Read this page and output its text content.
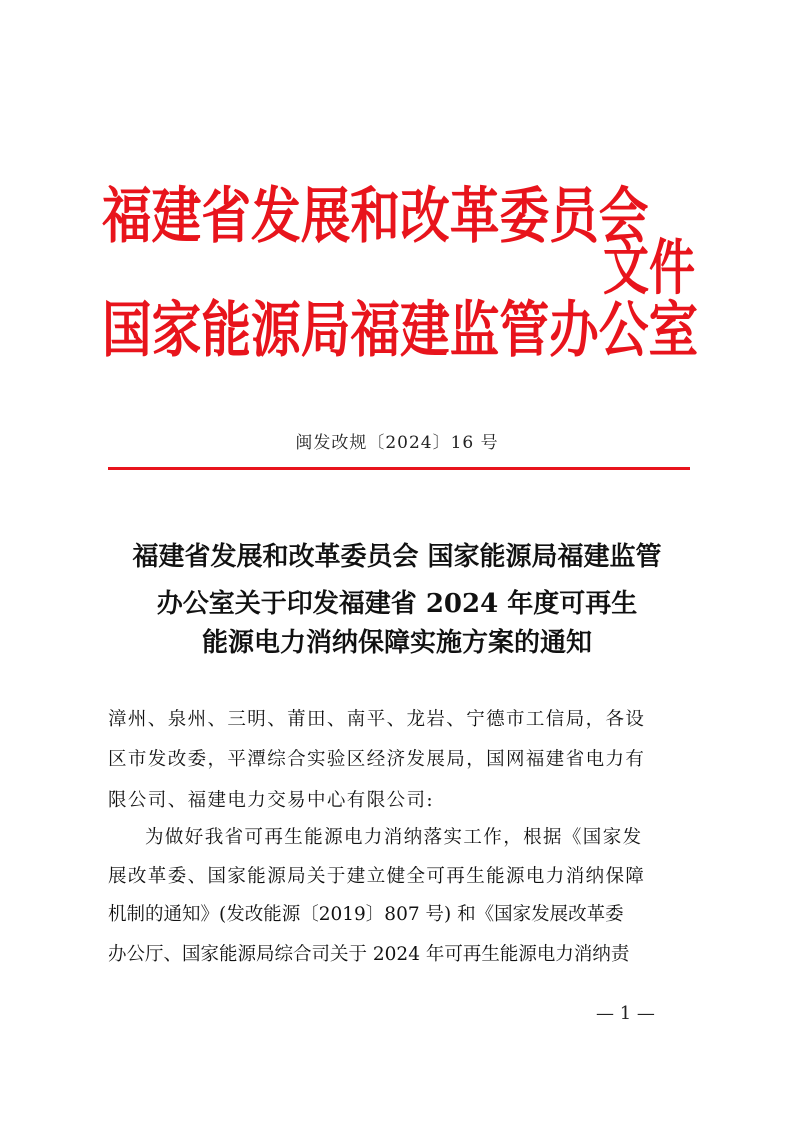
福建省发展和改革委员会
国家能源局福建监管办公室
文件
闽发改规〔2024〕16 号
福建省发展和改革委员会 国家能源局福建监管
办公室关于印发福建省 2024 年度可再生
能源电力消纳保障实施方案的通知
漳州、泉州、三明、莆田、南平、龙岩、宁德市工信局，各设
区市发改委，平潭综合实验区经济发展局，国网福建省电力有
限公司、福建电力交易中心有限公司:
为做好我省可再生能源电力消纳落实工作，根据《国家发
展改革委、国家能源局关于建立健全可再生能源电力消纳保障
机制的通知》(发改能源〔2019〕807 号) 和《国家发展改革委
办公厅、国家能源局综合司关于 2024 年可再生能源电力消纳责
— 1 —
